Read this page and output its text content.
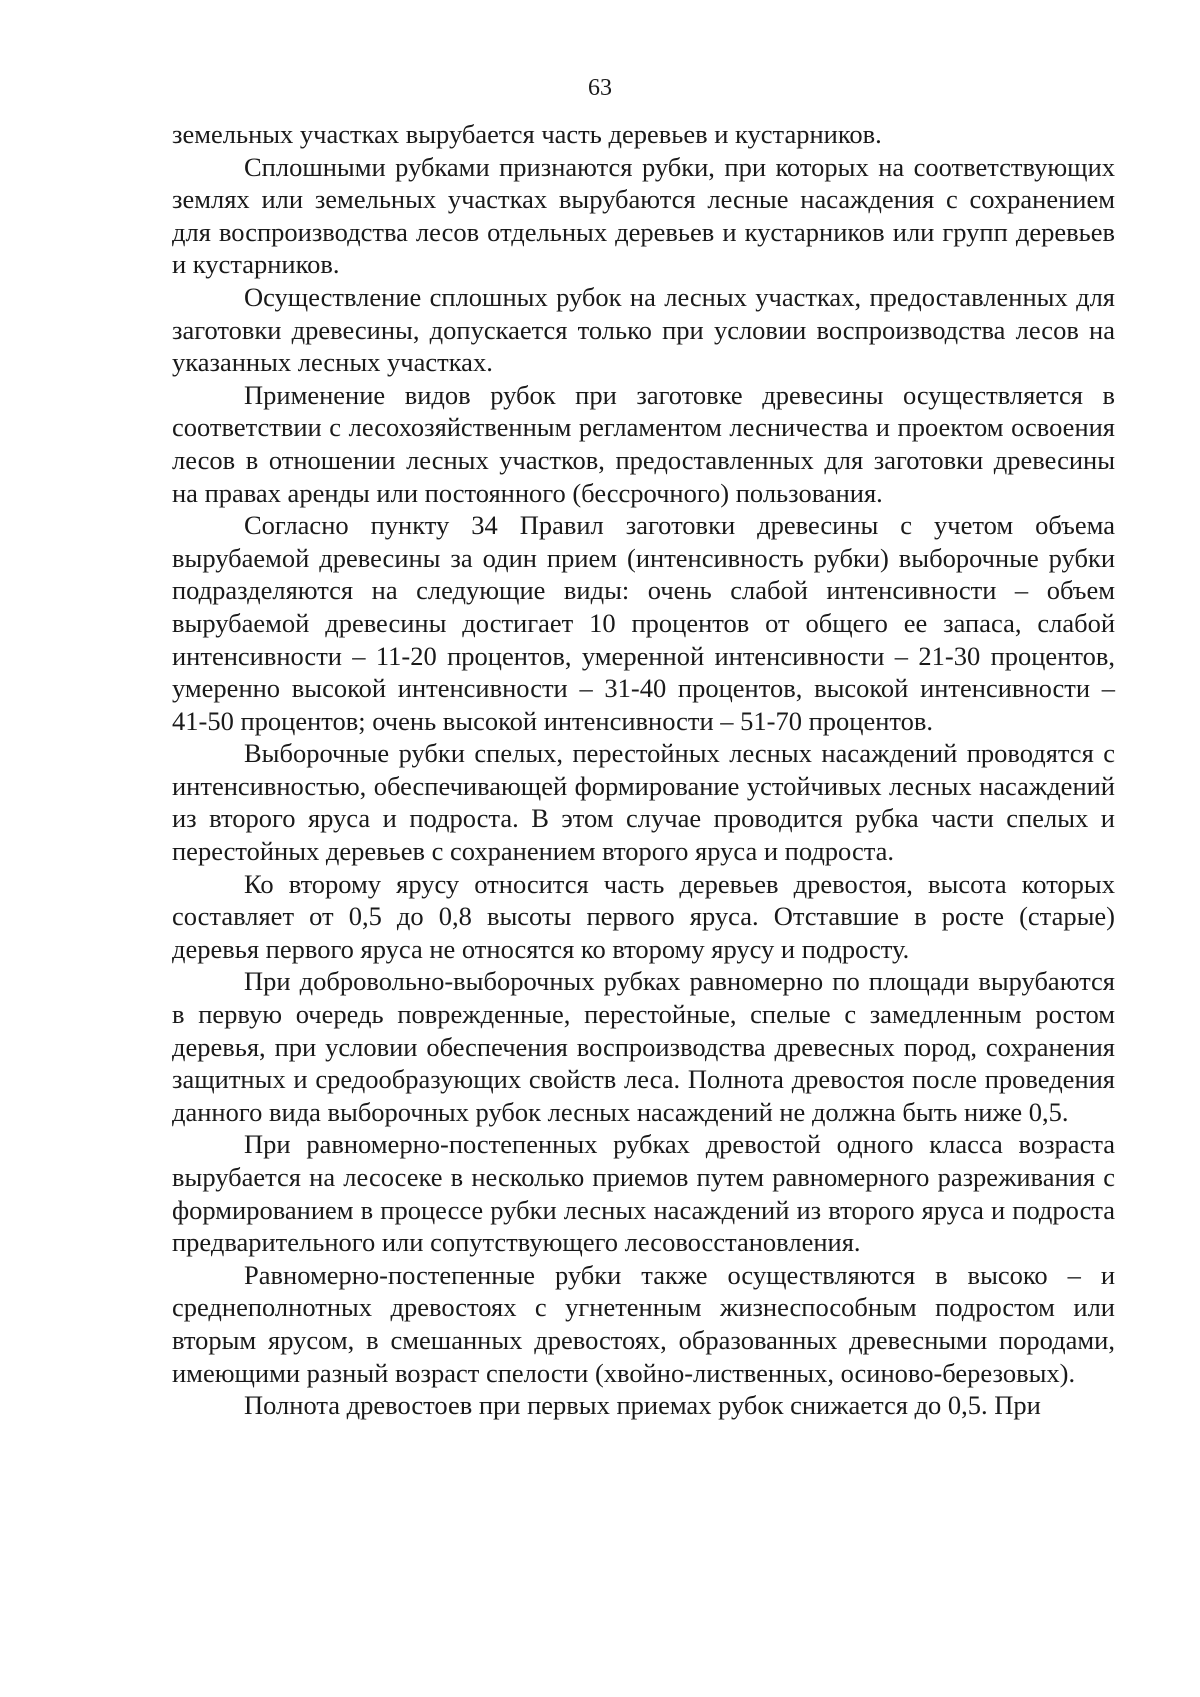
63

земельных участках вырубается часть деревьев и кустарников.

Сплошными рубками признаются рубки, при которых на соответствующих землях или земельных участках вырубаются лесные насаждения с сохранением для воспроизводства лесов отдельных деревьев и кустарников или групп деревьев и кустарников.

Осуществление сплошных рубок на лесных участках, предоставленных для заготовки древесины, допускается только при условии воспроизводства лесов на указанных лесных участках.

Применение видов рубок при заготовке древесины осуществляется в соответствии с лесохозяйственным регламентом лесничества и проектом освоения лесов в отношении лесных участков, предоставленных для заготовки древесины на правах аренды или постоянного (бессрочного) пользования.

Согласно пункту 34 Правил заготовки древесины с учетом объема вырубаемой древесины за один прием (интенсивность рубки) выборочные рубки подразделяются на следующие виды: очень слабой интенсивности – объем вырубаемой древесины достигает 10 процентов от общего ее запаса, слабой интенсивности – 11-20 процентов, умеренной интенсивности – 21-30 процентов, умеренно высокой интенсивности – 31-40 процентов, высокой интенсивности – 41-50 процентов; очень высокой интенсивности – 51-70 процентов.

Выборочные рубки спелых, перестойных лесных насаждений проводятся с интенсивностью, обеспечивающей формирование устойчивых лесных насаждений из второго яруса и подроста. В этом случае проводится рубка части спелых и перестойных деревьев с сохранением второго яруса и подроста.

Ко второму ярусу относится часть деревьев древостоя, высота которых составляет от 0,5 до 0,8 высоты первого яруса. Отставшие в росте (старые) деревья первого яруса не относятся ко второму ярусу и подросту.

При добровольно-выборочных рубках равномерно по площади вырубаются в первую очередь поврежденные, перестойные, спелые с замедленным ростом деревья, при условии обеспечения воспроизводства древесных пород, сохранения защитных и средообразующих свойств леса. Полнота древостоя после проведения данного вида выборочных рубок лесных насаждений не должна быть ниже 0,5.

При равномерно-постепенных рубках древостой одного класса возраста вырубается на лесосеке в несколько приемов путем равномерного разреживания с формированием в процессе рубки лесных насаждений из второго яруса и подроста предварительного или сопутствующего лесовосстановления.

Равномерно-постепенные рубки также осуществляются в высоко – и среднеполнотных древостоях с угнетенным жизнеспособным подростом или вторым ярусом, в смешанных древостоях, образованных древесными породами, имеющими разный возраст спелости (хвойно-лиственных, осиново-березовых).

Полнота древостоев при первых приемах рубок снижается до 0,5. При
